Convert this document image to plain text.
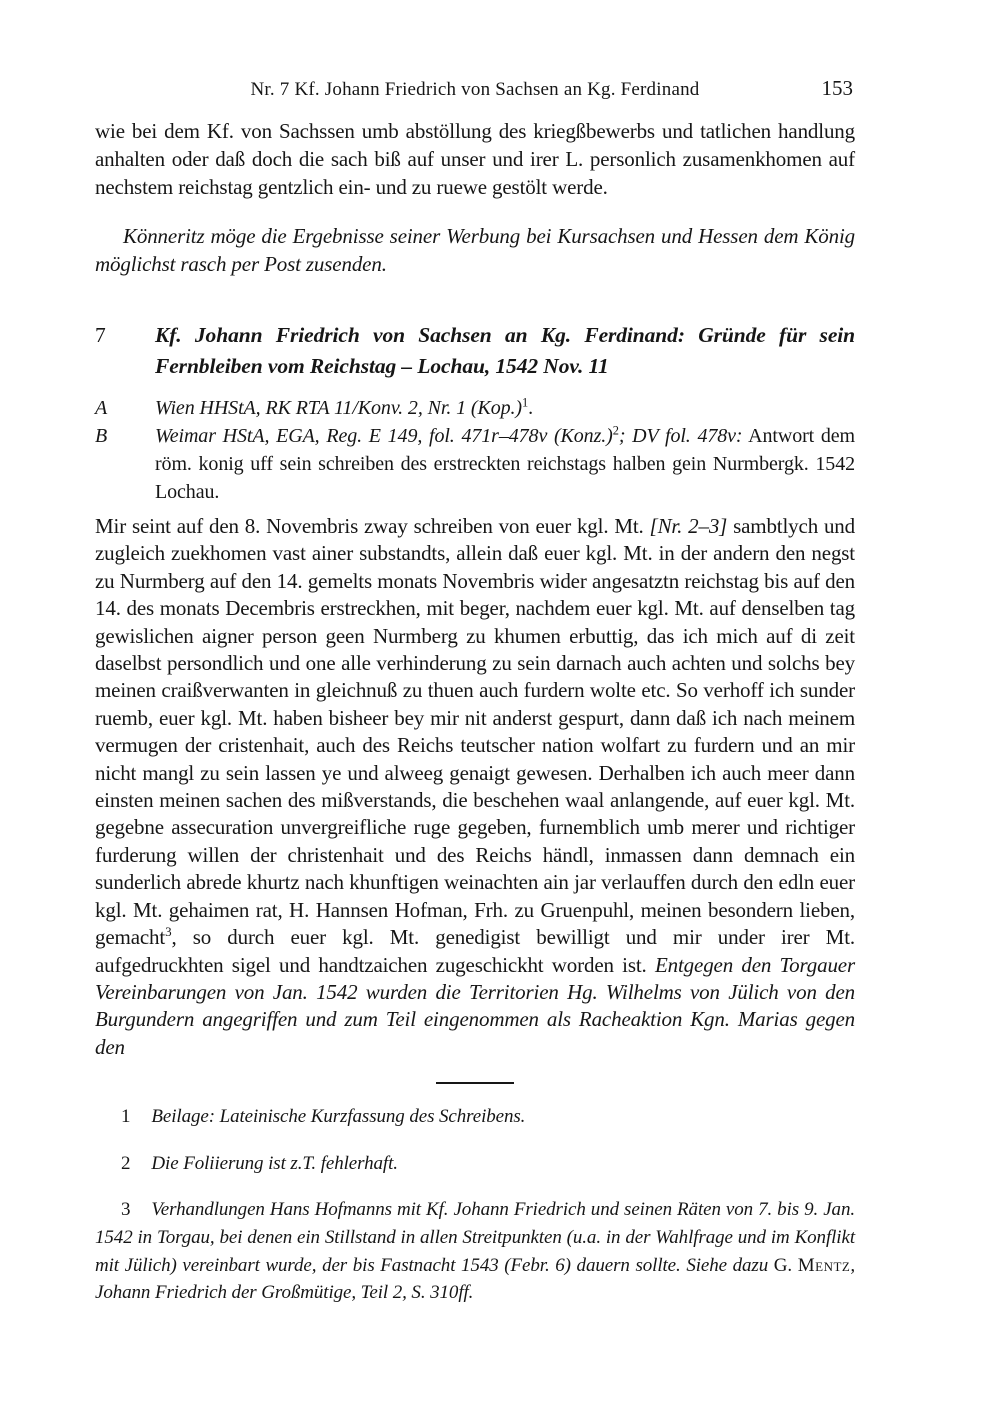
Nr. 7 Kf. Johann Friedrich von Sachsen an Kg. Ferdinand	153

wie bei dem Kf. von Sachssen umb abstöllung des kriegßbewerbs und tatlichen handlung anhalten oder daß doch die sach biß auf unser und irer L. personlich zusamenkhomen auf nechstem reichstag gentzlich ein- und zu ruewe gestölt werde.

Könneritz möge die Ergebnisse seiner Werbung bei Kursachsen und Hessen dem König möglichst rasch per Post zusenden.

7	Kf. Johann Friedrich von Sachsen an Kg. Ferdinand: Gründe für sein Fernbleiben vom Reichstag – Lochau, 1542 Nov. 11
A	Wien HHStA, RK RTA 11/Konv. 2, Nr. 1 (Kop.)$^1$.
B	Weimar HStA, EGA, Reg. E 149, fol. 471r–478v (Konz.)$^2$; DV fol. 478v: Antwort dem röm. konig uff sein schreiben des erstreckten reichstags halben gein Nurmbergk. 1542 Lochau.

Mir seint auf den 8. Novembris zway schreiben von euer kgl. Mt. [Nr. 2–3] sambtlych und zugleich zuekhomen vast ainer substandts, allein daß euer kgl. Mt. in der andern den negst zu Nurmberg auf den 14. gemelts monats Novembris wider angesatztn reichstag bis auf den 14. des monats Decembris erstreckhen, mit beger, nachdem euer kgl. Mt. auf denselben tag gewislichen aigner person geen Nurmberg zu khumen erbuttig, das ich mich auf di zeit daselbst persondlich und one alle verhinderung zu sein darnach auch achten und solchs bey meinen craißverwanten in gleichnuß zu thuen auch furdern wolte etc. So verhoff ich sunder ruemb, euer kgl. Mt. haben bisheer bey mir nit anderst gespurt, dann daß ich nach meinem vermugen der cristenhait, auch des Reichs teutscher nation wolfart zu furdern und an mir nicht mangl zu sein lassen ye und alweeg genaigt gewesen. Derhalben ich auch meer dann einsten meinen sachen des mißverstands, die beschehen waal anlangende, auf euer kgl. Mt. gegebne assecuration unvergreifliche ruge gegeben, furnemblich umb merer und richtiger furderung willen der christenhait und des Reichs händl, inmassen dann demnach ein sunderlich abrede khurtz nach khunftigen weinachten ain jar verlauffen durch den edln euer kgl. Mt. gehaimen rat, H. Hannsen Hofman, Frh. zu Gruenpuhl, meinen besondern lieben, gemacht$^3$, so durch euer kgl. Mt. genedigist bewilligt und mir under irer Mt. aufgedruckhten sigel und handtzaichen zugeschickht worden ist. Entgegen den Torgauer Vereinbarungen von Jan. 1542 wurden die Territorien Hg. Wilhelms von Jülich von den Burgundern angegriffen und zum Teil eingenommen als Racheaktion Kgn. Marias gegen den

1 Beilage: Lateinische Kurzfassung des Schreibens.

2 Die Foliierung ist z.T. fehlerhaft.

3 Verhandlungen Hans Hofmanns mit Kf. Johann Friedrich und seinen Räten von 7. bis 9. Jan. 1542 in Torgau, bei denen ein Stillstand in allen Streitpunkten (u.a. in der Wahlfrage und im Konflikt mit Jülich) vereinbart wurde, der bis Fastnacht 1543 (Febr. 6) dauern sollte. Siehe dazu G. Mentz, Johann Friedrich der Großmütige, Teil 2, S. 310ff.
